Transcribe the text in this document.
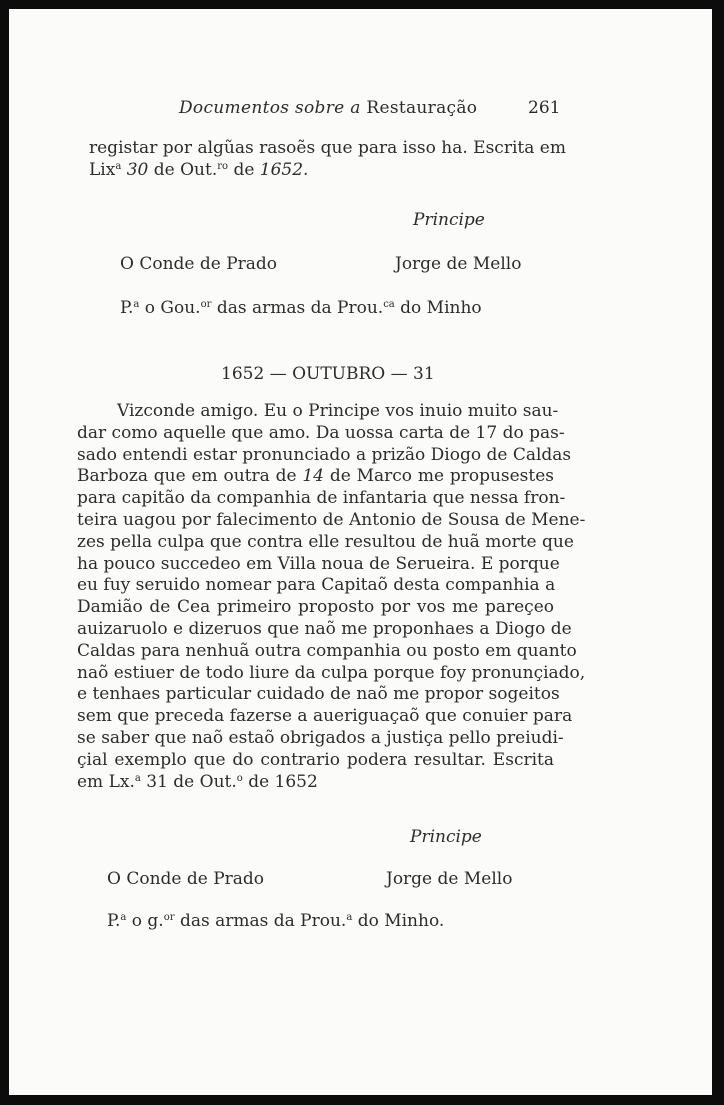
Documentos sobre a Restauração	261
registar por algũas rasoẽs que para isso ha. Escrita em
Lix$^a$ 30 de Out.$^{ro}$ de 1652.
Principe
O Conde de Prado	Jorge de Mello
P.$^a$ o Gou.$^{or}$ das armas da Prou.$^{ca}$ do Minho
1652 — OUTUBRO — 31
Vizconde amigo. Eu o Principe vos inuio muito sau-
dar como aquelle que amo. Da uossa carta de 17 do pas-
sado entendi estar pronunciado a prizão Diogo de Caldas
Barboza que em outra de 14 de Marco me propusestes
para capitão da companhia de infantaria que nessa fron-
teira uagou por falecimento de Antonio de Sousa de Mene-
zes pella culpa que contra elle resultou de huã morte que
ha pouco succedeo em Villa noua de Serueira. E porque
eu fuy seruido nomear para Capitaõ desta companhia a
Damião de Cea primeiro proposto por vos me pareçeo
auizaruolo e dizeruos que naõ me proponhaes a Diogo de
Caldas para nenhuã outra companhia ou posto em quanto
naõ estiuer de todo liure da culpa porque foy pronunçiado,
e tenhaes particular cuidado de naõ me propor sogeitos
sem que preceda fazerse a aueriguaçaõ que conuier para
se saber que naõ estaõ obrigados a justiça pello preiudi-
çial exemplo que do contrario podera resultar. Escrita
em Lx.$^a$ 31 de Out.$^o$ de 1652
Principe
O Conde de Prado	Jorge de Mello
P.$^a$ o g.$^{or}$ das armas da Prou.$^a$ do Minho.
